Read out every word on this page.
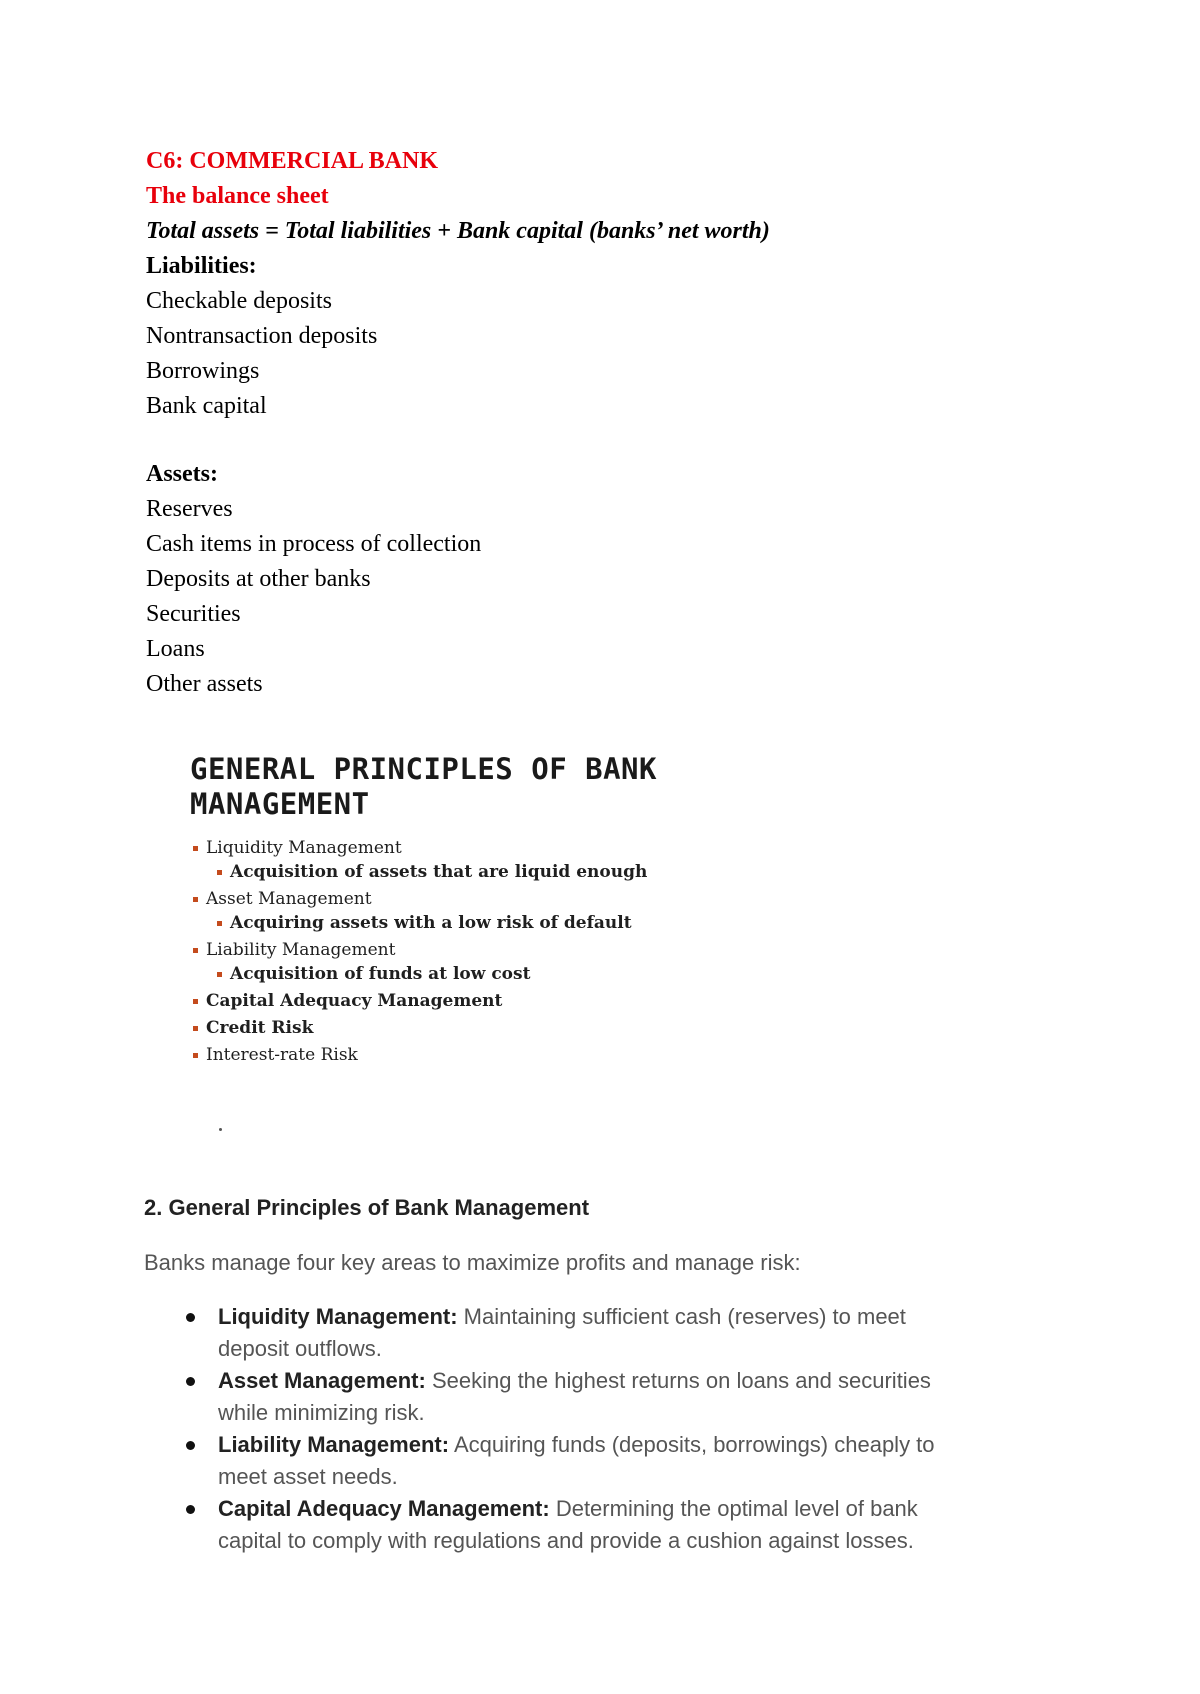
C6: COMMERCIAL BANK
The balance sheet
Total assets = Total liabilities + Bank capital (banks’ net worth)
Liabilities:
Checkable deposits
Nontransaction deposits
Borrowings
Bank capital
Assets:
Reserves
Cash items in process of collection
Deposits at other banks
Securities
Loans
Other assets
GENERAL PRINCIPLES OF BANK
MANAGEMENT
Liquidity Management
Acquisition of assets that are liquid enough
Asset Management
Acquiring assets with a low risk of default
Liability Management
Acquisition of funds at low cost
Capital Adequacy Management
Credit Risk
Interest-rate Risk
2. General Principles of Bank Management
Banks manage four key areas to maximize profits and manage risk:
Liquidity Management: Maintaining sufficient cash (reserves) to meet
deposit outflows.
Asset Management: Seeking the highest returns on loans and securities
while minimizing risk.
Liability Management: Acquiring funds (deposits, borrowings) cheaply to
meet asset needs.
Capital Adequacy Management: Determining the optimal level of bank
capital to comply with regulations and provide a cushion against losses.
